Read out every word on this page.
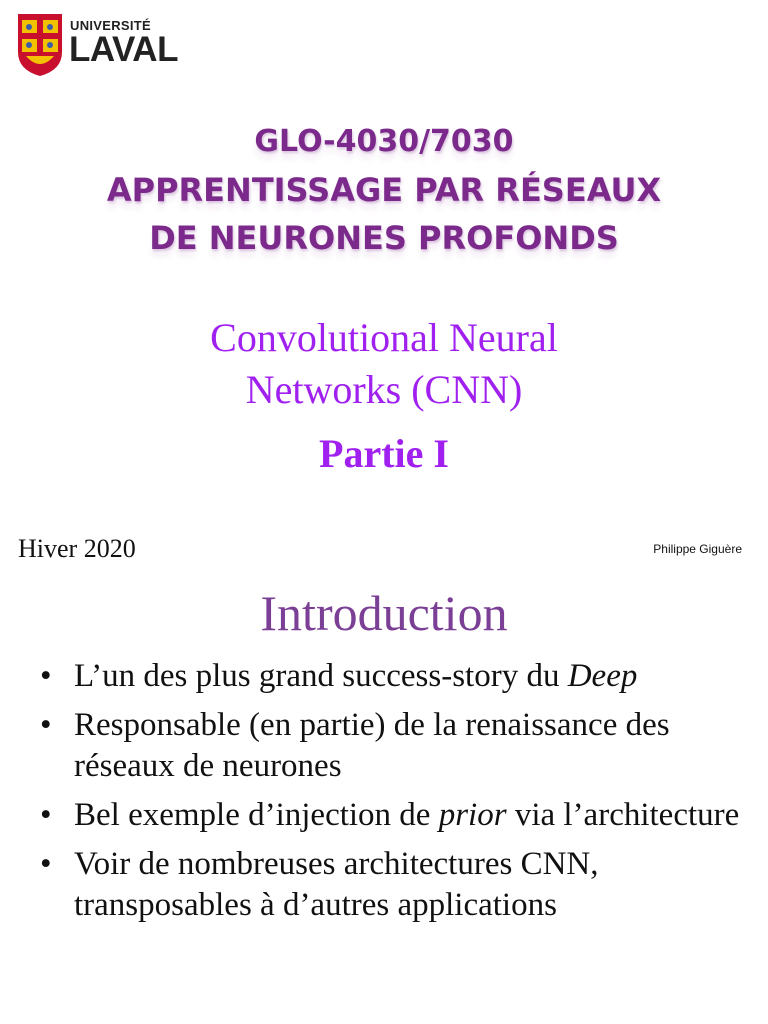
UNIVERSITÉ
LAVAL
GLO-4030/7030
APPRENTISSAGE PAR RÉSEAUX
DE NEURONES PROFONDS
Convolutional Neural
Networks (CNN)
Partie I
Hiver 2020	Philippe Giguère
Introduction
• L’un des plus grand success-story du Deep
• Responsable (en partie) de la renaissance des réseaux de neurones
• Bel exemple d’injection de prior via l’architecture
• Voir de nombreuses architectures CNN, transposables à d’autres applications
